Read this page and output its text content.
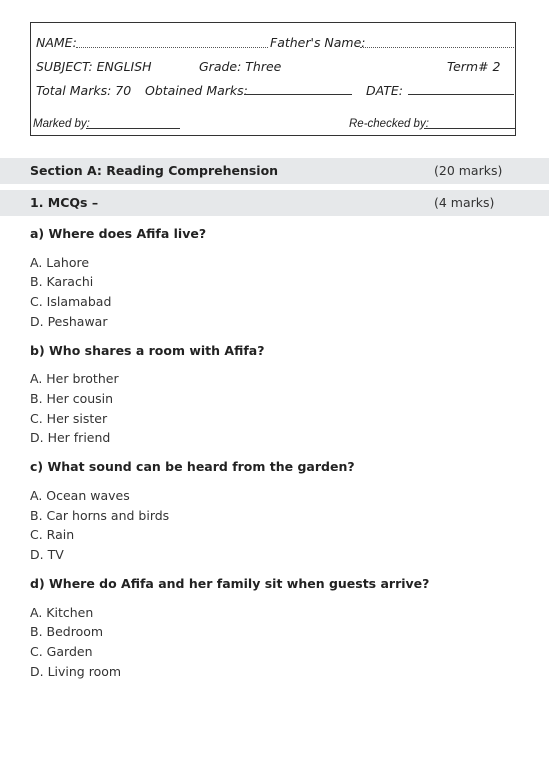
NAME:	Father's Name:
SUBJECT: ENGLISH	Grade: Three	Term# 2
Total Marks: 70 Obtained Marks:	DATE:
Marked by:	Re-checked by:
Section A: Reading Comprehension	(20 marks)
1. MCQs –	(4 marks)
a) Where does Afifa live?
A. Lahore
B. Karachi
C. Islamabad
D. Peshawar
b) Who shares a room with Afifa?
A. Her brother
B. Her cousin
C. Her sister
D. Her friend
c) What sound can be heard from the garden?
A. Ocean waves
B. Car horns and birds
C. Rain
D. TV
d) Where do Afifa and her family sit when guests arrive?
A. Kitchen
B. Bedroom
C. Garden
D. Living room
